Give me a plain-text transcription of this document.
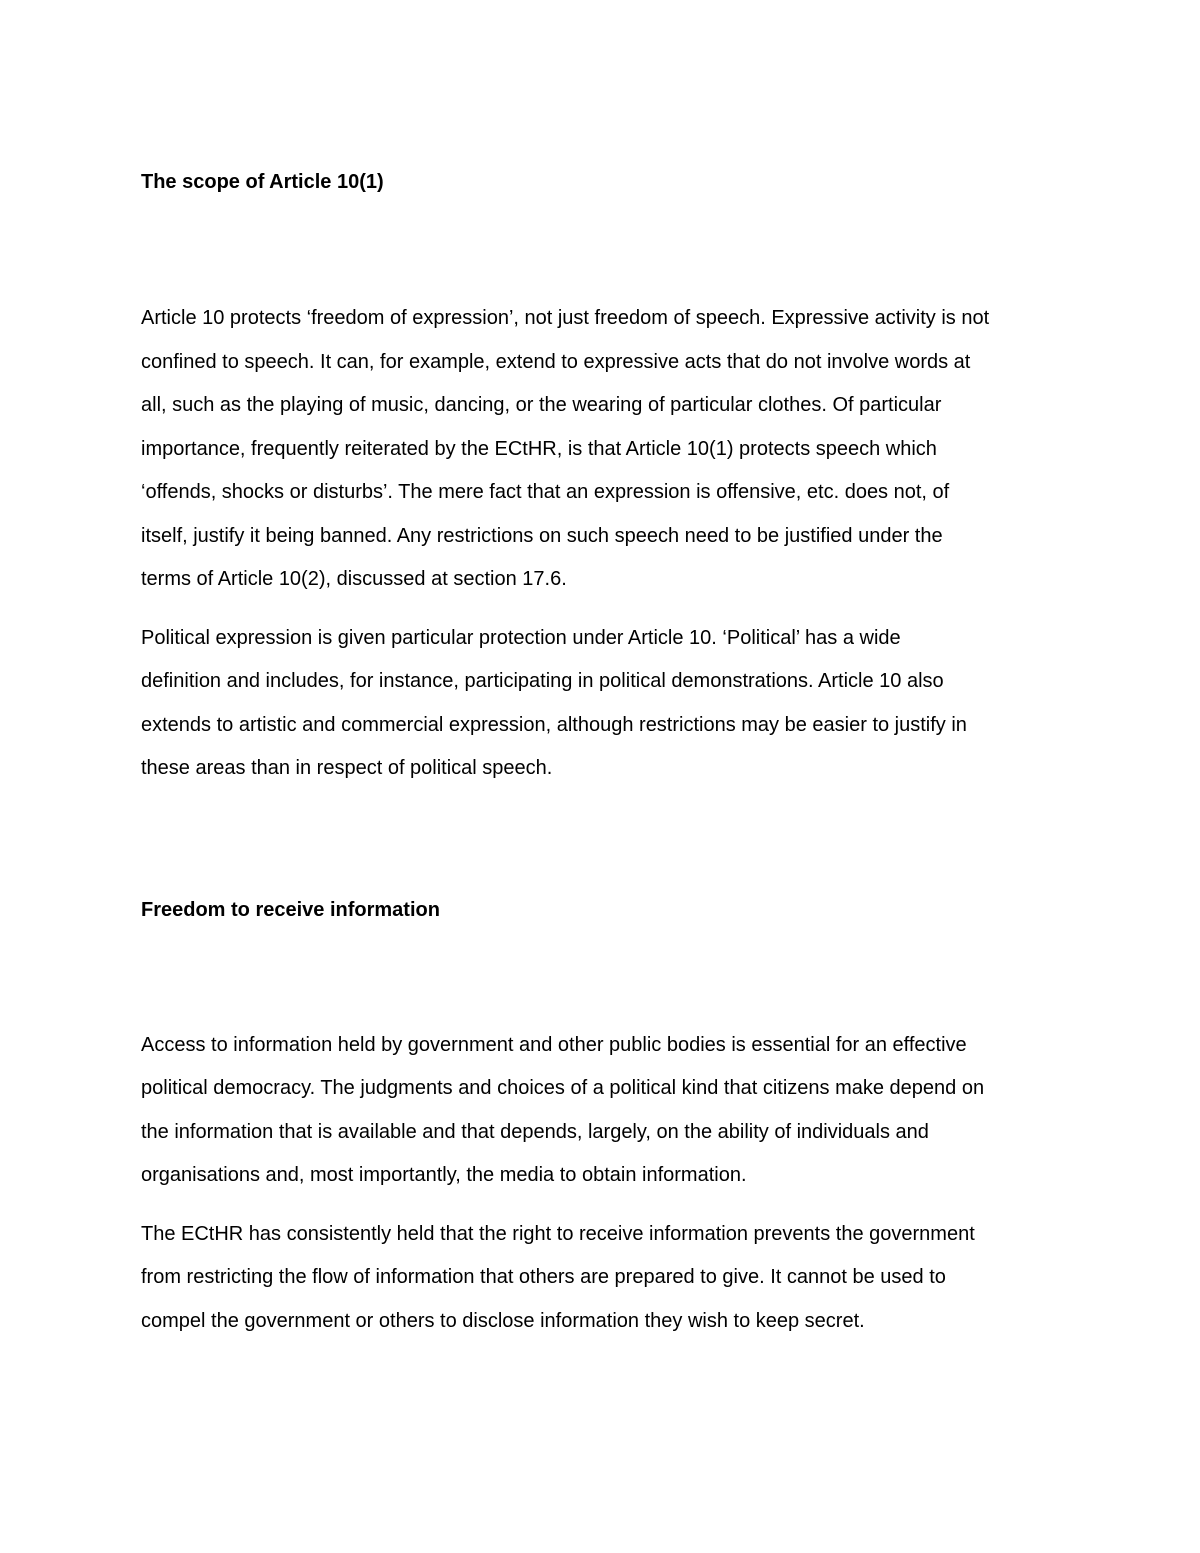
The scope of Article 10(1)

Article 10 protects ‘freedom of expression’, not just freedom of speech. Expressive activity is not
confined to speech. It can, for example, extend to expressive acts that do not involve words at
all, such as the playing of music, dancing, or the wearing of particular clothes. Of particular
importance, frequently reiterated by the ECtHR, is that Article 10(1) protects speech which
‘offends, shocks or disturbs’. The mere fact that an expression is offensive, etc. does not, of
itself, justify it being banned. Any restrictions on such speech need to be justified under the
terms of Article 10(2), discussed at section 17.6.

Political expression is given particular protection under Article 10. ‘Political’ has a wide
definition and includes, for instance, participating in political demonstrations. Article 10 also
extends to artistic and commercial expression, although restrictions may be easier to justify in
these areas than in respect of political speech.

Freedom to receive information

Access to information held by government and other public bodies is essential for an effective
political democracy. The judgments and choices of a political kind that citizens make depend on
the information that is available and that depends, largely, on the ability of individuals and
organisations and, most importantly, the media to obtain information.

The ECtHR has consistently held that the right to receive information prevents the government
from restricting the flow of information that others are prepared to give. It cannot be used to
compel the government or others to disclose information they wish to keep secret.
